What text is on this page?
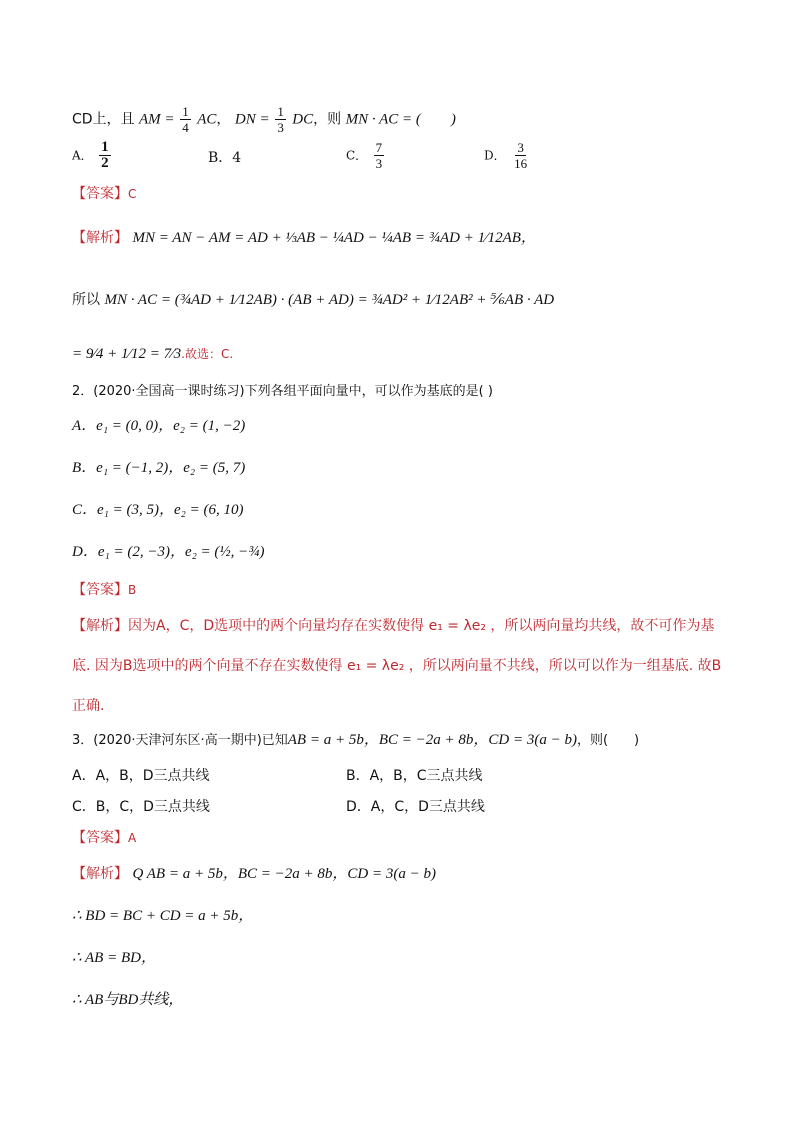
CD上，且 AM = $\frac{1}{4}$ AC， DN = $\frac{1}{3}$ DC，则 MN · AC = (　　)
A． $\frac{1}{2}$	B．4	C． $\frac{7}{3}$	D． $\frac{3}{16}$
【答案】C
【解析】 MN = AN − AM = AD + ⅓AB − ¼AD − ¼AB = ¾AD + 1⁄12AB，
所以 MN · AC = (¾AD + 1⁄12AB) · (AB + AD) = ¾AD² + 1⁄12AB² + ⅚AB · AD
= 9⁄4 + 1⁄12 = 7⁄3.故选：C.
2．(2020·全国高一课时练习)下列各组平面向量中，可以作为基底的是( )
A．e₁ = (0, 0)，e₂ = (1, −2)
B．e₁ = (−1, 2)，e₂ = (5, 7)
C．e₁ = (3, 5)，e₂ = (6, 10)
D．e₁ = (2, −3)，e₂ = (½, −¾)
【答案】B
【解析】因为A，C，D选项中的两个向量均存在实数使得 e₁ = λe₂ ，所以两向量均共线，故不可作为基底. 因为B选项中的两个向量不存在实数使得 e₁ = λe₂ ，所以两向量不共线，所以可以作为一组基底. 故B正确.
3．(2020·天津河东区·高一期中)已知AB = a + 5b，BC = −2a + 8b，CD = 3(a − b)，则(　　)
A．A，B，D三点共线	B．A，B，C三点共线
C．B，C，D三点共线	D．A，C，D三点共线
【答案】A
【解析】 Q AB = a + 5b，BC = −2a + 8b，CD = 3(a − b)
∴ BD = BC + CD = a + 5b，
∴ AB = BD，
∴ AB与BD共线，
